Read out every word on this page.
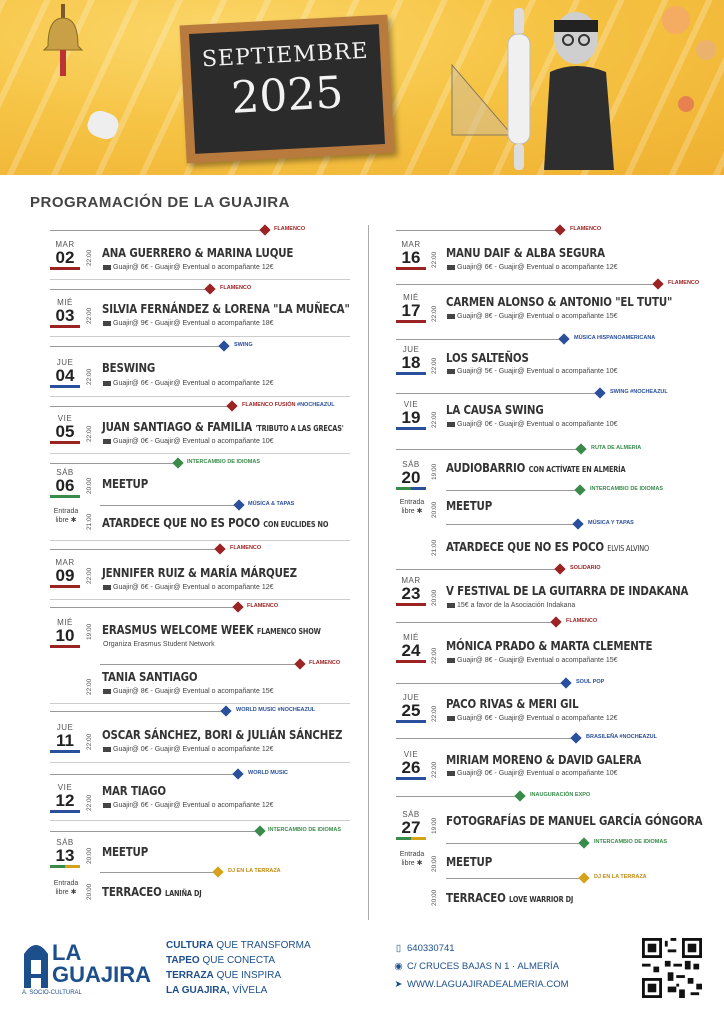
SEPTIEMBRE
2025
PROGRAMACIÓN DE LA GUAJIRA
FLAMENCO
MAR
02	22:00 ANA GUERRERO & MARINA LUQUE
Guajir@ 6€ - Guajir@ Eventual o acompañante 12€
FLAMENCO
MIÉ
03	22:00 SILVIA FERNÁNDEZ & LORENA "LA MUÑECA"
Guajir@ 9€ - Guajir@ Eventual o acompañante 18€
SWING
JUE
04	22:00
BESWING
Guajir@ 6€ - Guajir@ Eventual o acompañante 12€
FLAMENCO FUSIÓN #NOCHEAZUL
VIE
05	22:00 JUAN SANTIAGO & FAMILIA 'TRIBUTO A LAS GRECAS'
Guajir@ 0€ - Guajir@ Eventual o acompañante 10€
INTERCAMBIO DE IDIOMAS
SÁB
06
Entrada
libre ✱
20:00 MEETUP
MÚSICA & TAPAS
21:00 ATARDECE QUE NO ES POCO CON EUCLIDES NO
FLAMENCO
MAR
09	22:00 JENNIFER RUIZ & MARÍA MÁRQUEZ
Guajir@ 6€ - Guajir@ Eventual o acompañante 12€
FLAMENCO
MIÉ
10	19:00 ERASMUS WELCOME WEEK FLAMENCO SHOW
Organiza Erasmus Student Network
FLAMENCO
22:00
TANIA SANTIAGO
Guajir@ 8€ - Guajir@ Eventual o acompañante 15€
WORLD MUSIC #NOCHEAZUL
JUE
11	22:00 OSCAR SÁNCHEZ, BORI & JULIÁN SÁNCHEZ
Guajir@ 0€ - Guajir@ Eventual o acompañante 12€
WORLD MUSIC
VIE
12	22:00
MAR TIAGO
Guajir@ 6€ - Guajir@ Eventual o acompañante 12€
INTERCAMBIO DE IDIOMAS
SÁB
13
Entrada
libre ✱
20:00 MEETUP
DJ EN LA TERRAZA
20:00 TERRACEO LANIÑA DJ
FLAMENCO
MAR
16	22:00 MANU DAIF & ALBA SEGURA
Guajir@ 6€ - Guajir@ Eventual o acompañante 12€
FLAMENCO
MIÉ
17	22:00
CARMEN ALONSO & ANTONIO "EL TUTU"
Guajir@ 8€ - Guajir@ Eventual o acompañante 15€
MÚSICA HISPANOAMERICANA
JUE
18	22:00
LOS SALTEÑOS
Guajir@ 5€ - Guajir@ Eventual o acompañante 10€
SWING #NOCHEAZUL
VIE
19	22:00
LA CAUSA SWING
Guajir@ 0€ - Guajir@ Eventual o acompañante 10€
RUTA DE ALMERIA
SÁB
20
Entrada
libre ✱
19:00 AUDIOBARRIO CON ACTÍVATE EN ALMERÍA
INTERCAMBIO DE IDIOMAS
20:00 MEETUP
MÚSICA Y TAPAS
21:00 ATARDECE QUE NO ES POCO ELVIS ALVINO
SOLIDARIO
MAR
23	20:00 V FESTIVAL DE LA GUITARRA DE INDAKANA
15€ a favor de la Asociación Indakana
FLAMENCO
MIÉ
24	22:00
MÓNICA PRADO & MARTA CLEMENTE
Guajir@ 8€ - Guajir@ Eventual o acompañante 15€
SOUL POP
JUE
25	22:00
PACO RIVAS & MERI GIL
Guajir@ 6€ - Guajir@ Eventual o acompañante 12€
BRASILEÑA #NOCHEAZUL
VIE
26	22:00
MIRIAM MORENO & DAVID GALERA
Guajir@ 0€ - Guajir@ Eventual o acompañante 10€
INAUGURACIÓN EXPO
SÁB
27
Entrada
libre ✱
19:00 FOTOGRAFÍAS DE MANUEL GARCÍA GÓNGORA
INTERCAMBIO DE IDIOMAS
20:00 MEETUP
DJ EN LA TERRAZA
20:00 TERRACEO LOVE WARRIOR DJ
LA
GUAJIRA
A. SOCIO-CULTURAL
CULTURA QUE TRANSFORMA
TAPEO QUE CONECTA
TERRAZA QUE INSPIRA
LA GUAJIRA, VÍVELA
▯ 640330741
◉ C/ CRUCES BAJAS N 1 · ALMERÍA
➤ WWW.LAGUAJIRADEALMERIA.COM
